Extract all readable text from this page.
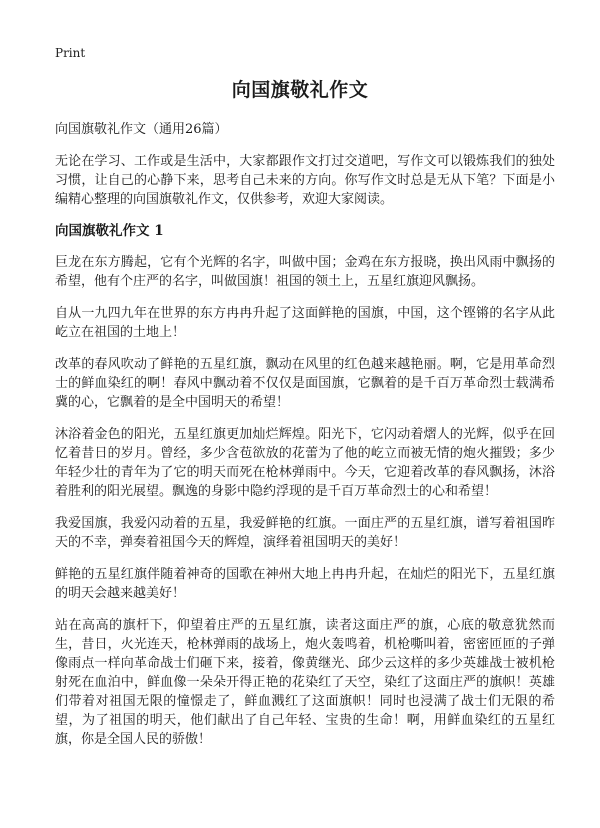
Print
向国旗敬礼作文

向国旗敬礼作文（通用26篇）

无论在学习、工作或是生活中，大家都跟作文打过交道吧，写作文可以锻炼我们的独处习惯，让自己的心静下来，思考自己未来的方向。你写作文时总是无从下笔？下面是小编精心整理的向国旗敬礼作文，仅供参考，欢迎大家阅读。

向国旗敬礼作文 1

巨龙在东方腾起，它有个光辉的名字，叫做中国；金鸡在东方报晓，换出风雨中飘扬的希望，他有个庄严的名字，叫做国旗！祖国的领土上，五星红旗迎风飘扬。

自从一九四九年在世界的东方冉冉升起了这面鲜艳的国旗，中国，这个铿锵的名字从此屹立在祖国的土地上！

改革的春风吹动了鲜艳的五星红旗，飘动在风里的红色越来越艳丽。啊，它是用革命烈士的鲜血染红的啊！春风中飘动着不仅仅是面国旗，它飘着的是千百万革命烈士载满希冀的心，它飘着的是全中国明天的希望！

沐浴着金色的阳光，五星红旗更加灿烂辉煌。阳光下，它闪动着熠人的光辉，似乎在回忆着昔日的岁月。曾经，多少含苞欲放的花蕾为了他的屹立而被无情的炮火摧毁；多少年轻少壮的青年为了它的明天而死在枪林弹雨中。今天，它迎着改革的春风飘扬，沐浴着胜利的阳光展望。飘逸的身影中隐约浮现的是千百万革命烈士的心和希望！

我爱国旗，我爱闪动着的五星，我爱鲜艳的红旗。一面庄严的五星红旗，谱写着祖国昨天的不幸，弹奏着祖国今天的辉煌，演绎着祖国明天的美好！

鲜艳的五星红旗伴随着神奇的国歌在神州大地上冉冉升起，在灿烂的阳光下，五星红旗的明天会越来越美好！

站在高高的旗杆下，仰望着庄严的五星红旗，读者这面庄严的旗，心底的敬意犹然而生，昔日，火光连天，枪林弹雨的战场上，炮火轰鸣着，机枪嘶叫着，密密匝匝的子弹像雨点一样向革命战士们砸下来，接着，像黄继光、邱少云这样的多少英雄战士被机枪射死在血泊中，鲜血像一朵朵开得正艳的花染红了天空，染红了这面庄严的旗帜！英雄们带着对祖国无限的憧憬走了，鲜血溅红了这面旗帜！同时也浸满了战士们无限的希望，为了祖国的明天，他们献出了自己年轻、宝贵的生命！啊，用鲜血染红的五星红旗，你是全国人民的骄傲！
